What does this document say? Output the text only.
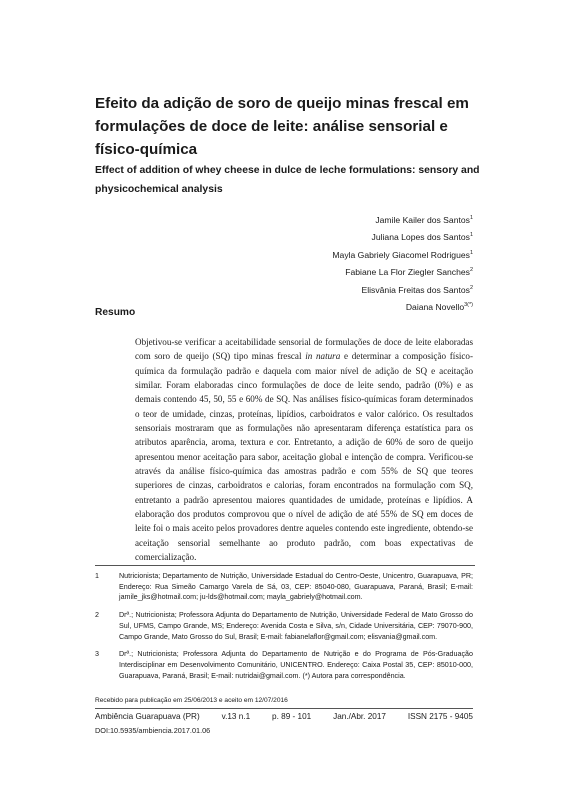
Efeito da adição de soro de queijo minas frescal em formulações de doce de leite: análise sensorial e físico-química
Effect of addition of whey cheese in dulce de leche formulations: sensory and physicochemical analysis
Jamile Kailer dos Santos$^1$
Juliana Lopes dos Santos$^1$
Mayla Gabriely Giacomel Rodrigues$^1$
Fabiane La Flor Ziegler Sanches$^2$
Elisvânia Freitas dos Santos$^2$
Daiana Novello$^{3(*)}$
Resumo
Objetivou-se verificar a aceitabilidade sensorial de formulações de doce de leite elaboradas com soro de queijo (SQ) tipo minas frescal in natura e determinar a composição físico-química da formulação padrão e daquela com maior nível de adição de SQ e aceitação similar. Foram elaboradas cinco formulações de doce de leite sendo, padrão (0%) e as demais contendo 45, 50, 55 e 60% de SQ. Nas análises físico-químicas foram determinados o teor de umidade, cinzas, proteínas, lipídios, carboidratos e valor calórico. Os resultados sensoriais mostraram que as formulações não apresentaram diferença estatística para os atributos aparência, aroma, textura e cor. Entretanto, a adição de 60% de soro de queijo apresentou menor aceitação para sabor, aceitação global e intenção de compra. Verificou-se através da análise físico-química das amostras padrão e com 55% de SQ que teores superiores de cinzas, carboidratos e calorias, foram encontrados na formulação com SQ, entretanto a padrão apresentou maiores quantidades de umidade, proteínas e lipídios. A elaboração dos produtos comprovou que o nível de adição de até 55% de SQ em doces de leite foi o mais aceito pelos provadores dentre aqueles contendo este ingrediente, obtendo-se aceitação sensorial semelhante ao produto padrão, com boas expectativas de comercialização.
1	Nutricionista; Departamento de Nutrição, Universidade Estadual do Centro-Oeste, Unicentro, Guarapuava, PR; Endereço: Rua Simeão Camargo Varela de Sá, 03, CEP: 85040-080, Guarapuava, Paraná, Brasil; E-mail: jamile_jks@hotmail.com; ju-lds@hotmail.com; mayla_gabriely@hotmail.com.
2	Drª.; Nutricionista; Professora Adjunta do Departamento de Nutrição, Universidade Federal de Mato Grosso do Sul, UFMS, Campo Grande, MS; Endereço: Avenida Costa e Silva, s/n, Cidade Universitária, CEP: 79070-900, Campo Grande, Mato Grosso do Sul, Brasil; E-mail: fabianelaflor@gmail.com; elisvania@gmail.com.
3	Drª.; Nutricionista; Professora Adjunta do Departamento de Nutrição e do Programa de Pós-Graduação Interdisciplinar em Desenvolvimento Comunitário, UNICENTRO. Endereço: Caixa Postal 35, CEP: 85010-000, Guarapuava, Paraná, Brasil; E-mail: nutridai@gmail.com. (*) Autora para correspondência.
Recebido para publicação em 25/06/2013 e aceito em 12/07/2016
Ambiência Guarapuava (PR)	v.13 n.1	p. 89 - 101	Jan./Abr. 2017	ISSN 2175 - 9405
DOI:10.5935/ambiencia.2017.01.06
